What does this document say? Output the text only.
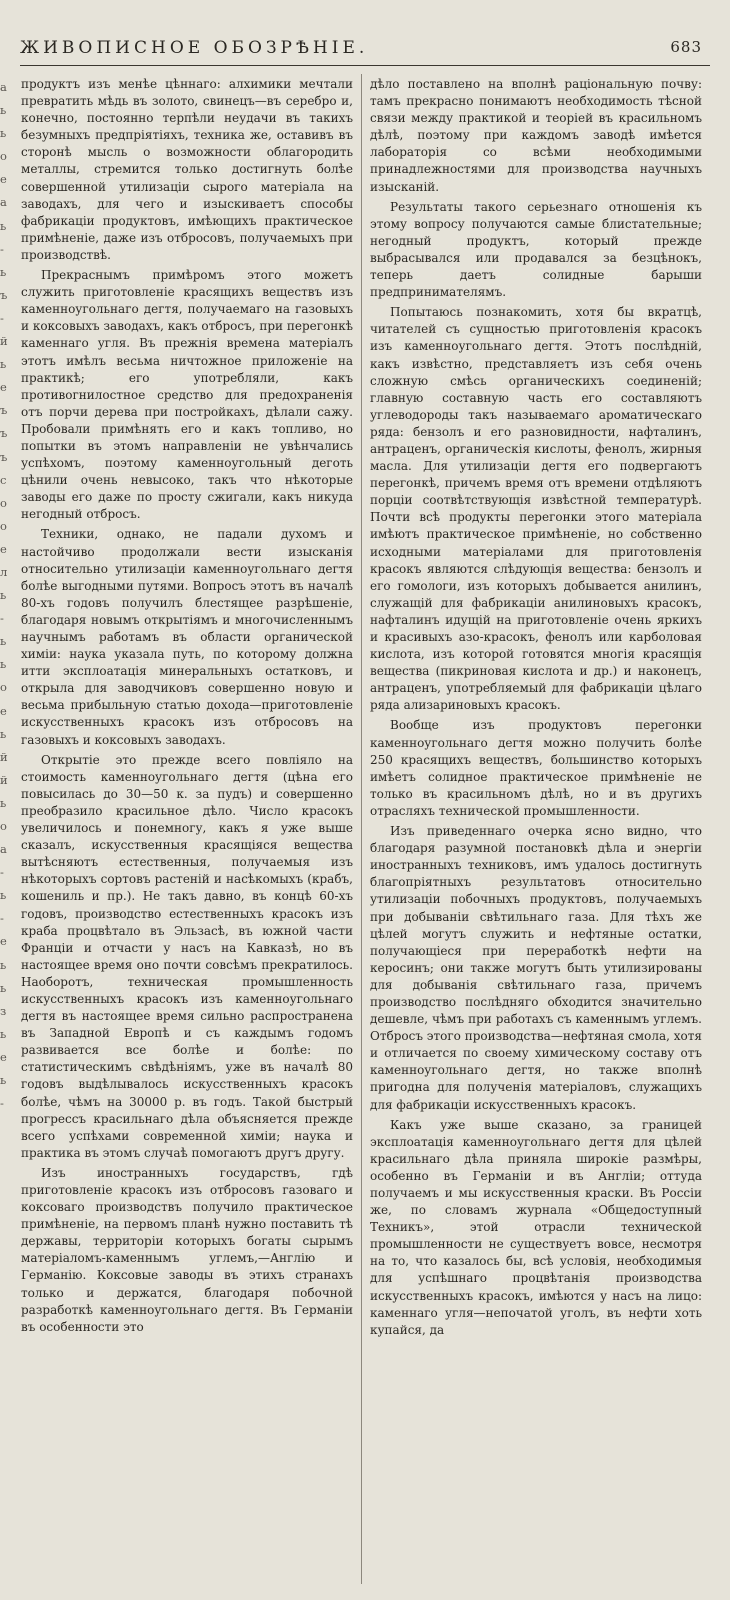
ЖИВОПИСНОЕ ОБОЗРѢНІЕ.	683
а
ь
ь
о
е
а
ь
-
ь
ъ
-
й
ь
е
ъ
ъ
ъ
с
о
о
е
л
ь
-
ь
ь
о
е
ь
й
й
ь
о
а
-
ь
-
е
ь
ь
з
ь
е
ь
-

продуктъ изъ менѣе цѣннаго: алхимики мечтали превратить мѣдь въ золото, свинецъ—въ серебро и, конечно, постоянно терпѣли неудачи въ такихъ безумныхъ предпріятіяхъ, техника же, оставивъ въ сторонѣ мысль о возможности облагородить металлы, стремится только достигнуть болѣе совершенной утилизаціи сырого матеріала на заводахъ, для чего и изыскиваетъ способы фабрикаціи продуктовъ, имѣющихъ практическое примѣненіе, даже изъ отбросовъ, получаемыхъ при производствѣ.

Прекраснымъ примѣромъ этого можетъ служить приготовленіе красящихъ веществъ изъ каменноугольнаго дегтя, получаемаго на газовыхъ и коксовыхъ заводахъ, какъ отбросъ, при перегонкѣ каменнаго угля. Въ прежнія времена матеріалъ этотъ имѣлъ весьма ничтожное приложеніе на практикѣ; его употребляли, какъ противогнилостное средство для предохраненія отъ порчи дерева при постройкахъ, дѣлали сажу. Пробовали примѣнять его и какъ топливо, но попытки въ этомъ направленіи не увѣнчались успѣхомъ, поэтому каменноугольный деготь цѣнили очень невысоко, такъ что нѣкоторые заводы его даже по просту сжигали, какъ никуда негодный отбросъ.

Техники, однако, не падали духомъ и настойчиво продолжали вести изысканія относительно утилизаціи каменноугольнаго дегтя болѣе выгодными путями. Вопросъ этотъ въ началѣ 80-хъ годовъ получилъ блестящее разрѣшеніе, благодаря новымъ открытіямъ и многочисленнымъ научнымъ работамъ въ области органической химіи: наука указала путь, по которому должна итти эксплоатація минеральныхъ остатковъ, и открыла для заводчиковъ совершенно новую и весьма прибыльную статью дохода—приготовленіе искусственныхъ красокъ изъ отбросовъ на газовыхъ и коксовыхъ заводахъ.

Открытіе это прежде всего повліяло на стоимость каменноугольнаго дегтя (цѣна его повысилась до 30—50 к. за пудъ) и совершенно преобразило красильное дѣло. Число красокъ увеличилось и понемногу, какъ я уже выше сказалъ, искусственныя красящіяся вещества вытѣсняютъ естественныя, получаемыя изъ нѣкоторыхъ сортовъ растеній и насѣкомыхъ (крабъ, кошениль и пр.). Не такъ давно, въ концѣ 60-хъ годовъ, производство естественныхъ красокъ изъ краба процвѣтало въ Эльзасѣ, въ южной части Франціи и отчасти у насъ на Кавказѣ, но въ настоящее время оно почти совсѣмъ прекратилось. Наоборотъ, техническая промышленность искусственныхъ красокъ изъ каменноугольнаго дегтя въ настоящее время сильно распространена въ Западной Европѣ и съ каждымъ годомъ развивается все болѣе и болѣе: по статистическимъ свѣдѣніямъ, уже въ началѣ 80 годовъ выдѣлывалось искусственныхъ красокъ болѣе, чѣмъ на 30000 р. въ годъ. Такой быстрый прогрессъ красильнаго дѣла объясняется прежде всего успѣхами современной химіи; наука и практика въ этомъ случаѣ помогаютъ другъ другу.

Изъ иностранныхъ государствъ, гдѣ приготовленіе красокъ изъ отбросовъ газоваго и коксоваго производствъ получило практическое примѣненіе, на первомъ планѣ нужно поставить тѣ державы, территоріи которыхъ богаты сырымъ матеріаломъ-каменнымъ углемъ,—Англію и Германію. Коксовые заводы въ этихъ странахъ только и держатся, благодаря побочной разработкѣ каменноугольнаго дегтя. Въ Германіи въ особенности это

дѣло поставлено на вполнѣ раціональную почву: тамъ прекрасно понимаютъ необходимость тѣсной связи между практикой и теоріей въ красильномъ дѣлѣ, поэтому при каждомъ заводѣ имѣется лабораторія со всѣми необходимыми принадлежностями для производства научныхъ изысканій.

Результаты такого серьезнаго отношенія къ этому вопросу получаются самые блистательные; негодный продуктъ, который прежде выбрасывался или продавался за безцѣнокъ, теперь даетъ солидные барыши предпринимателямъ.

Попытаюсь познакомить, хотя бы вкратцѣ, читателей съ сущностью приготовленія красокъ изъ каменноугольнаго дегтя. Этотъ послѣдній, какъ извѣстно, представляетъ изъ себя очень сложную смѣсь органическихъ соединеній; главную составную часть его составляютъ углеводороды такъ называемаго ароматическаго ряда: бензолъ и его разновидности, нафталинъ, антраценъ, органическія кислоты, фенолъ, жирныя масла. Для утилизаціи дегтя его подвергаютъ перегонкѣ, причемъ время отъ времени отдѣляютъ порціи соотвѣтствующія извѣстной температурѣ. Почти всѣ продукты перегонки этого матеріала имѣютъ практическое примѣненіе, но собственно исходными матеріалами для приготовленія красокъ являются слѣдующія вещества: бензолъ и его гомологи, изъ которыхъ добывается анилинъ, служащій для фабрикаціи анилиновыхъ красокъ, нафталинъ идущій на приготовленіе очень яркихъ и красивыхъ азо-красокъ, фенолъ или карболовая кислота, изъ которой готовятся многія красящія вещества (пикриновая кислота и др.) и наконецъ, антраценъ, употребляемый для фабрикаціи цѣлаго ряда ализариновыхъ красокъ.

Вообще изъ продуктовъ перегонки каменноугольнаго дегтя можно получить болѣе 250 красящихъ веществъ, большинство которыхъ имѣетъ солидное практическое примѣненіе не только въ красильномъ дѣлѣ, но и въ другихъ отрасляхъ технической промышленности.

Изъ приведеннаго очерка ясно видно, что благодаря разумной постановкѣ дѣла и энергіи иностранныхъ техниковъ, имъ удалось достигнуть благопріятныхъ результатовъ относительно утилизаціи побочныхъ продуктовъ, получаемыхъ при добываніи свѣтильнаго газа. Для тѣхъ же цѣлей могутъ служить и нефтяные остатки, получающіеся при переработкѣ нефти на керосинъ; они также могутъ быть утилизированы для добыванія свѣтильнаго газа, причемъ производство послѣдняго обходится значительно дешевле, чѣмъ при работахъ съ каменнымъ углемъ. Отбросъ этого производства—нефтяная смола, хотя и отличается по своему химическому составу отъ каменноугольнаго дегтя, но также вполнѣ пригодна для полученія матеріаловъ, служащихъ для фабрикаціи искусственныхъ красокъ.

Какъ уже выше сказано, за границей эксплоатація каменноугольнаго дегтя для цѣлей красильнаго дѣла приняла широкіе размѣры, особенно въ Германіи и въ Англіи; оттуда получаемъ и мы искусственныя краски. Въ Россіи же, по словамъ журнала «Общедоступный Техникъ», этой отрасли технической промышленности не существуетъ вовсе, несмотря на то, что казалось бы, всѣ условія, необходимыя для успѣшнаго процвѣтанія производства искусственныхъ красокъ, имѣются у насъ на лицо: каменнаго угля—непочатой уголъ, въ нефти хоть купайся, да
